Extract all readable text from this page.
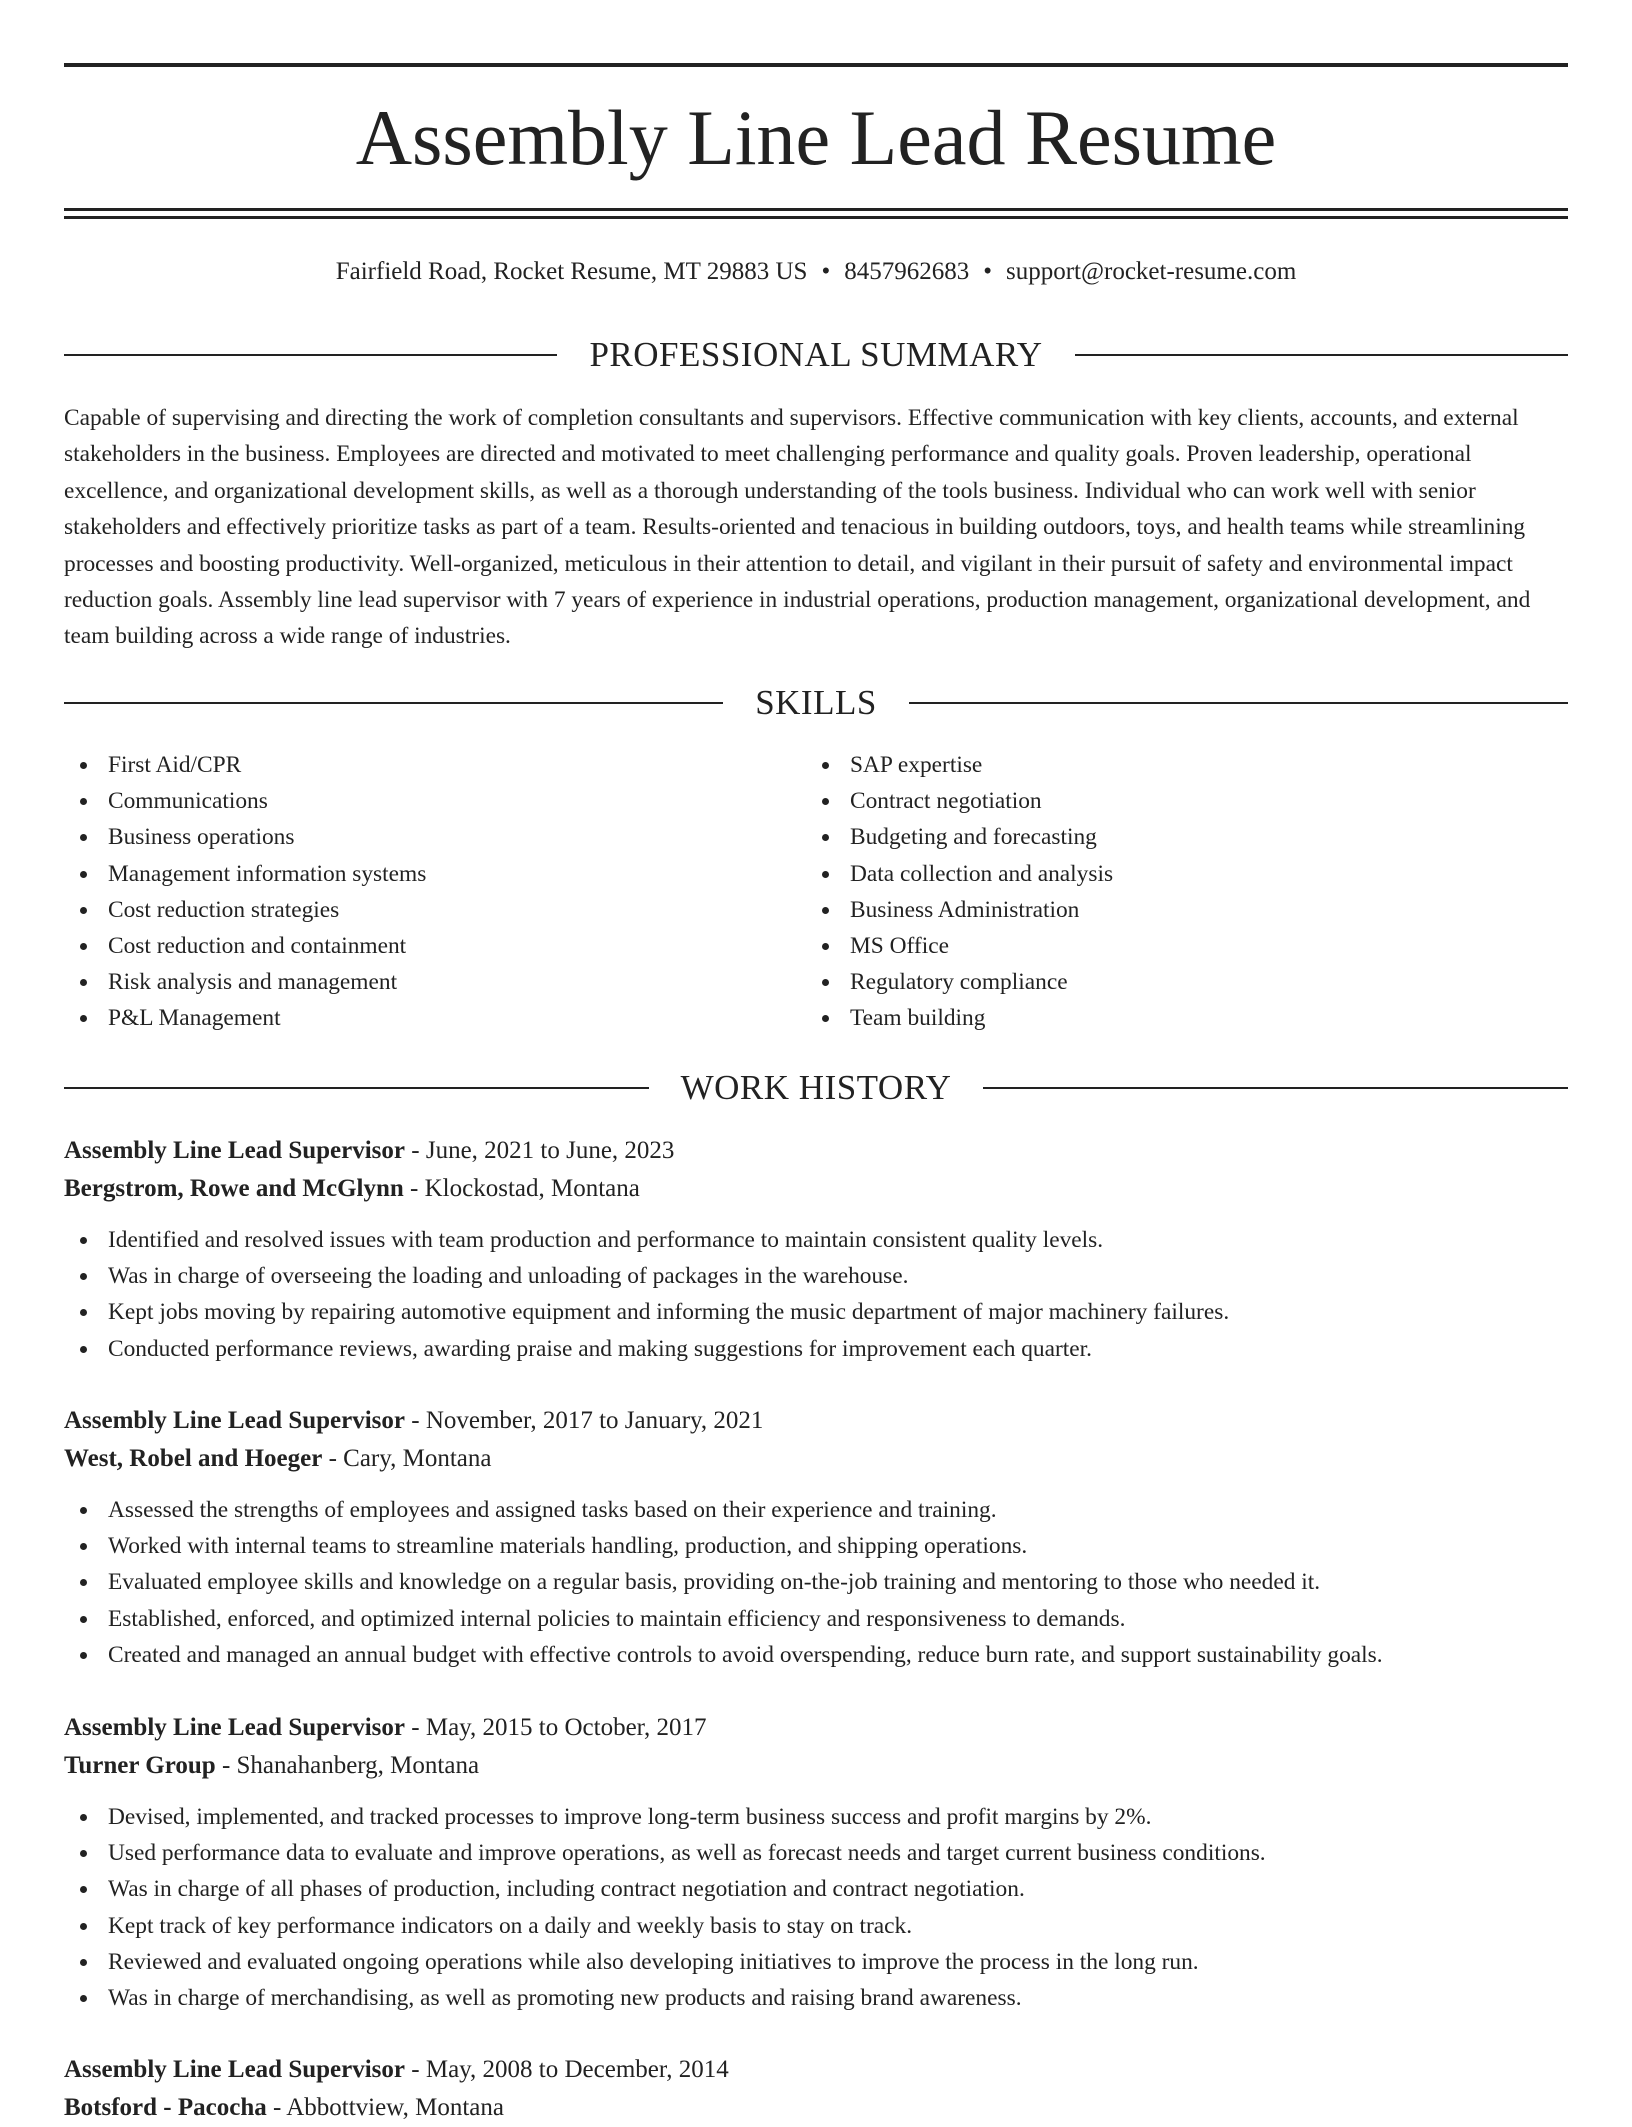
Assembly Line Lead Resume
Fairfield Road, Rocket Resume, MT 29883 US • 8457962683 • support@rocket-resume.com
PROFESSIONAL SUMMARY

Capable of supervising and directing the work of completion consultants and supervisors. Effective communication with key clients, accounts, and external stakeholders in the business. Employees are directed and motivated to meet challenging performance and quality goals. Proven leadership, operational excellence, and organizational development skills, as well as a thorough understanding of the tools business. Individual who can work well with senior stakeholders and effectively prioritize tasks as part of a team. Results-oriented and tenacious in building outdoors, toys, and health teams while streamlining processes and boosting productivity. Well-organized, meticulous in their attention to detail, and vigilant in their pursuit of safety and environmental impact reduction goals. Assembly line lead supervisor with 7 years of experience in industrial operations, production management, organizational development, and team building across a wide range of industries.

SKILLS
First Aid/CPR
Communications
Business operations
Management information systems
Cost reduction strategies
Cost reduction and containment
Risk analysis and management
P&L Management
SAP expertise
Contract negotiation
Budgeting and forecasting
Data collection and analysis
Business Administration
MS Office
Regulatory compliance
Team building
WORK HISTORY
Assembly Line Lead Supervisor - June, 2021 to June, 2023
Bergstrom, Rowe and McGlynn - Klockostad, Montana
Identified and resolved issues with team production and performance to maintain consistent quality levels.
Was in charge of overseeing the loading and unloading of packages in the warehouse.
Kept jobs moving by repairing automotive equipment and informing the music department of major machinery failures.
Conducted performance reviews, awarding praise and making suggestions for improvement each quarter.
Assembly Line Lead Supervisor - November, 2017 to January, 2021
West, Robel and Hoeger - Cary, Montana
Assessed the strengths of employees and assigned tasks based on their experience and training.
Worked with internal teams to streamline materials handling, production, and shipping operations.
Evaluated employee skills and knowledge on a regular basis, providing on-the-job training and mentoring to those who needed it.
Established, enforced, and optimized internal policies to maintain efficiency and responsiveness to demands.
Created and managed an annual budget with effective controls to avoid overspending, reduce burn rate, and support sustainability goals.
Assembly Line Lead Supervisor - May, 2015 to October, 2017
Turner Group - Shanahanberg, Montana
Devised, implemented, and tracked processes to improve long-term business success and profit margins by 2%.
Used performance data to evaluate and improve operations, as well as forecast needs and target current business conditions.
Was in charge of all phases of production, including contract negotiation and contract negotiation.
Kept track of key performance indicators on a daily and weekly basis to stay on track.
Reviewed and evaluated ongoing operations while also developing initiatives to improve the process in the long run.
Was in charge of merchandising, as well as promoting new products and raising brand awareness.
Assembly Line Lead Supervisor - May, 2008 to December, 2014
Botsford - Pacocha - Abbottview, Montana
